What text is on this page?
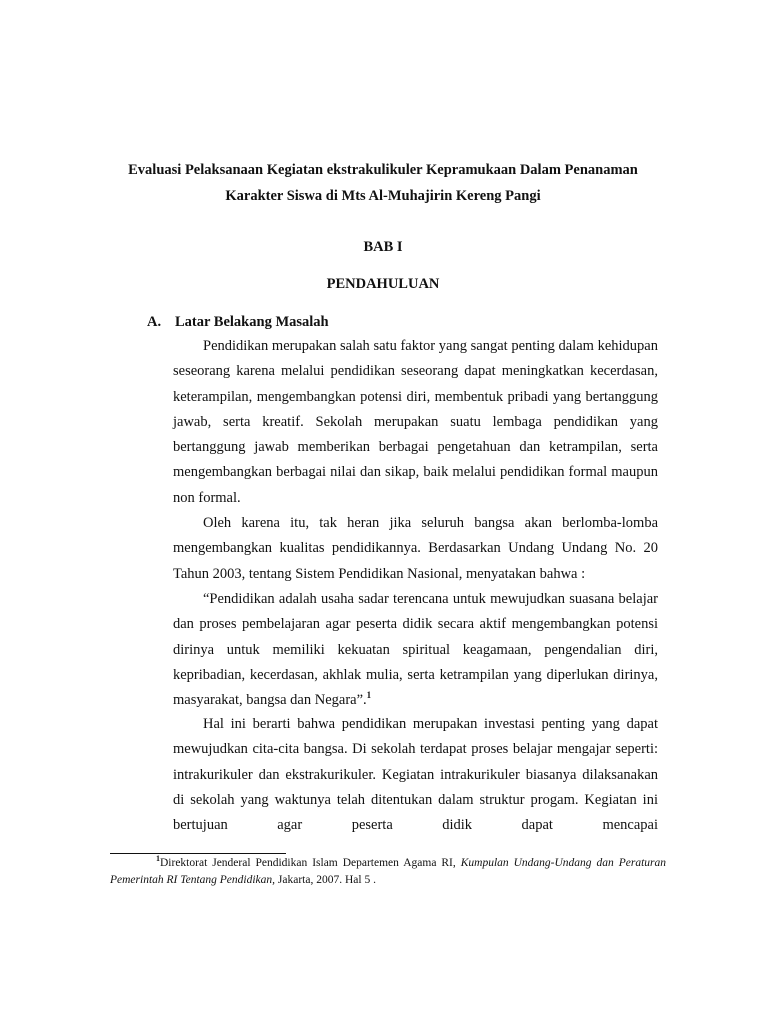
Evaluasi Pelaksanaan Kegiatan ekstrakulikuler Kepramukaan Dalam Penanaman
Karakter Siswa di Mts Al-Muhajirin Kereng Pangi
BAB I
PENDAHULUAN
A. Latar Belakang Masalah

Pendidikan merupakan salah satu faktor yang sangat penting dalam kehidupan seseorang karena melalui pendidikan seseorang dapat meningkatkan kecerdasan, keterampilan, mengembangkan potensi diri, membentuk pribadi yang bertanggung jawab, serta kreatif. Sekolah merupakan suatu lembaga pendidikan yang bertanggung jawab memberikan berbagai pengetahuan dan ketrampilan, serta mengembangkan berbagai nilai dan sikap, baik melalui pendidikan formal maupun non formal.

Oleh karena itu, tak heran jika seluruh bangsa akan berlomba-lomba mengembangkan kualitas pendidikannya. Berdasarkan Undang Undang No. 20 Tahun 2003, tentang Sistem Pendidikan Nasional, menyatakan bahwa :

“Pendidikan adalah usaha sadar terencana untuk mewujudkan suasana belajar dan proses pembelajaran agar peserta didik secara aktif mengembangkan potensi dirinya untuk memiliki kekuatan spiritual keagamaan, pengendalian diri, kepribadian, kecerdasan, akhlak mulia, serta ketrampilan yang diperlukan dirinya, masyarakat, bangsa dan Negara”.$^1$

Hal ini berarti bahwa pendidikan merupakan investasi penting yang dapat mewujudkan cita-cita bangsa. Di sekolah terdapat proses belajar mengajar seperti: intrakurikuler dan ekstrakurikuler. Kegiatan intrakurikuler biasanya dilaksanakan di sekolah yang waktunya telah ditentukan dalam struktur progam. Kegiatan ini bertujuan agar peserta didik dapat mencapai

$^1$Direktorat Jenderal Pendidikan Islam Departemen Agama RI, Kumpulan Undang-Undang dan Peraturan Pemerintah RI Tentang Pendidikan, Jakarta, 2007. Hal 5 .
